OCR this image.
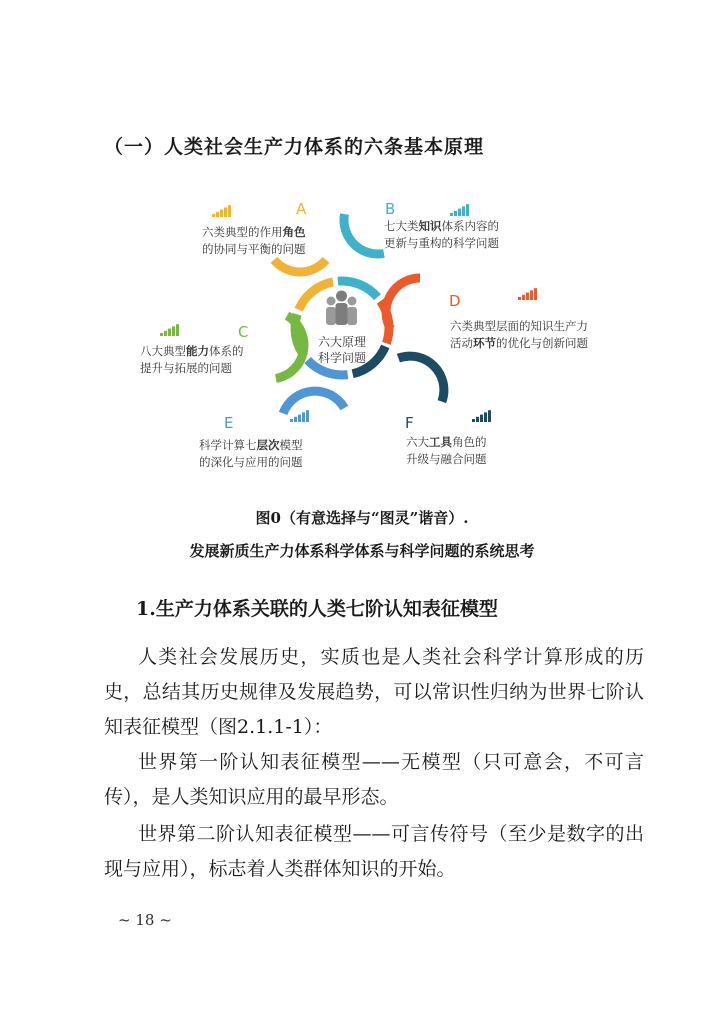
（一）人类社会生产力体系的六条基本原理
六大原理
科学问题
A
六类典型的作用角色
的协同与平衡的问题
B
七大类知识体系内容的
更新与重构的科学问题
C
八大典型能力体系的
提升与拓展的问题
D
六类典型层面的知识生产力
活动环节的优化与创新问题
E
科学计算七层次模型
的深化与应用的问题
F
六大工具角色的
升级与融合问题
图0（有意选择与“图灵”谐音）.
发展新质生产力体系科学体系与科学问题的系统思考
1.生产力体系关联的人类七阶认知表征模型

人类社会发展历史，实质也是人类社会科学计算形成的历史，总结其历史规律及发展趋势，可以常识性归纳为世界七阶认知表征模型（图2.1.1-1）：

世界第一阶认知表征模型——无模型（只可意会，不可言传），是人类知识应用的最早形态。

世界第二阶认知表征模型——可言传符号（至少是数字的出现与应用），标志着人类群体知识的开始。

~ 18 ~
